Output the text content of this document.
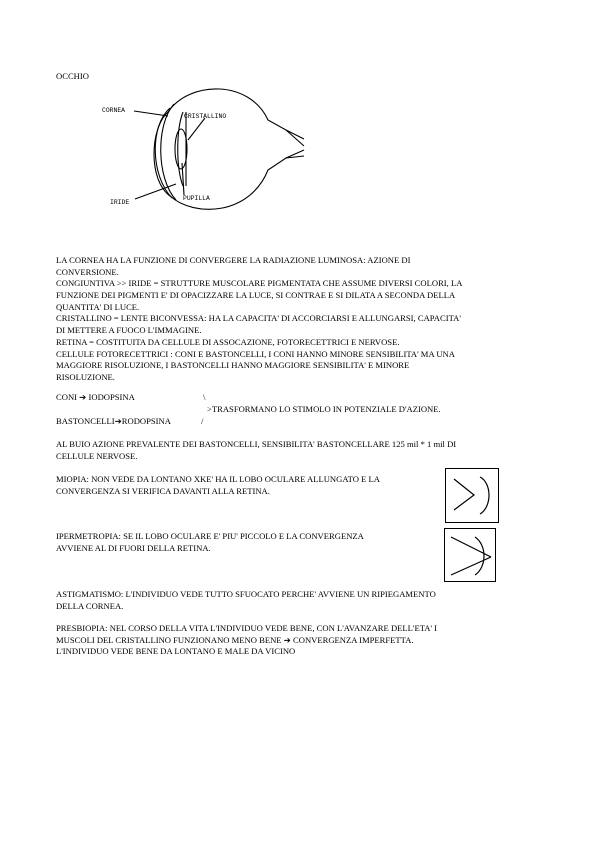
OCCHIO
CORNEA
CRISTALLINO
IRIDE
PUPILLA
LA CORNEA HA LA FUNZIONE DI CONVERGERE LA RADIAZIONE LUMINOSA: AZIONE DI
CONVERSIONE.
CONGIUNTIVA >> IRIDE = STRUTTURE MUSCOLARE PIGMENTATA CHE ASSUME DIVERSI COLORI, LA
FUNZIONE DEI PIGMENTI E' DI OPACIZZARE LA LUCE, SI CONTRAE E SI DILATA A SECONDA DELLA
QUANTITA' DI LUCE.
CRISTALLINO = LENTE BICONVESSA: HA LA CAPACITA' DI ACCORCIARSI E ALLUNGARSI, CAPACITA'
DI METTERE A FUOCO L'IMMAGINE.
RETINA = COSTITUITA DA CELLULE DI ASSOCAZIONE, FOTORECETTRICI E NERVOSE.
CELLULE FOTORECETTRICI : CONI E BASTONCELLI, I CONI HANNO MINORE SENSIBILITA' MA UNA
MAGGIORE RISOLUZIONE, I BASTONCELLI HANNO MAGGIORE SENSIBILITA' E MINORE
RISOLUZIONE.
CONI ➔ IODOPSINA	\
>TRASFORMANO LO STIMOLO IN POTENZIALE D'AZIONE.
BASTONCELLI➔RODOPSINA	/
AL BUIO AZIONE PREVALENTE DEI BASTONCELLI, SENSIBILITA' BASTONCELLARE 125 mil * 1 mil DI
CELLULE NERVOSE.
MIOPIA: NON VEDE DA LONTANO XKE' HA IL LOBO OCULARE ALLUNGATO E LA
CONVERGENZA SI VERIFICA DAVANTI ALLA RETINA.
IPERMETROPIA: SE IL LOBO OCULARE E' PIU' PICCOLO E LA CONVERGENZA
AVVIENE AL DI FUORI DELLA RETINA.
ASTIGMATISMO: L'INDIVIDUO VEDE TUTTO SFUOCATO PERCHE' AVVIENE UN RIPIEGAMENTO
DELLA CORNEA.
PRESBIOPIA: NEL CORSO DELLA VITA L'INDIVIDUO VEDE BENE, CON L'AVANZARE DELL'ETA' I
MUSCOLI DEL CRISTALLINO FUNZIONANO MENO BENE ➔ CONVERGENZA IMPERFETTA.
L'INDIVIDUO VEDE BENE DA LONTANO E MALE DA VICINO
